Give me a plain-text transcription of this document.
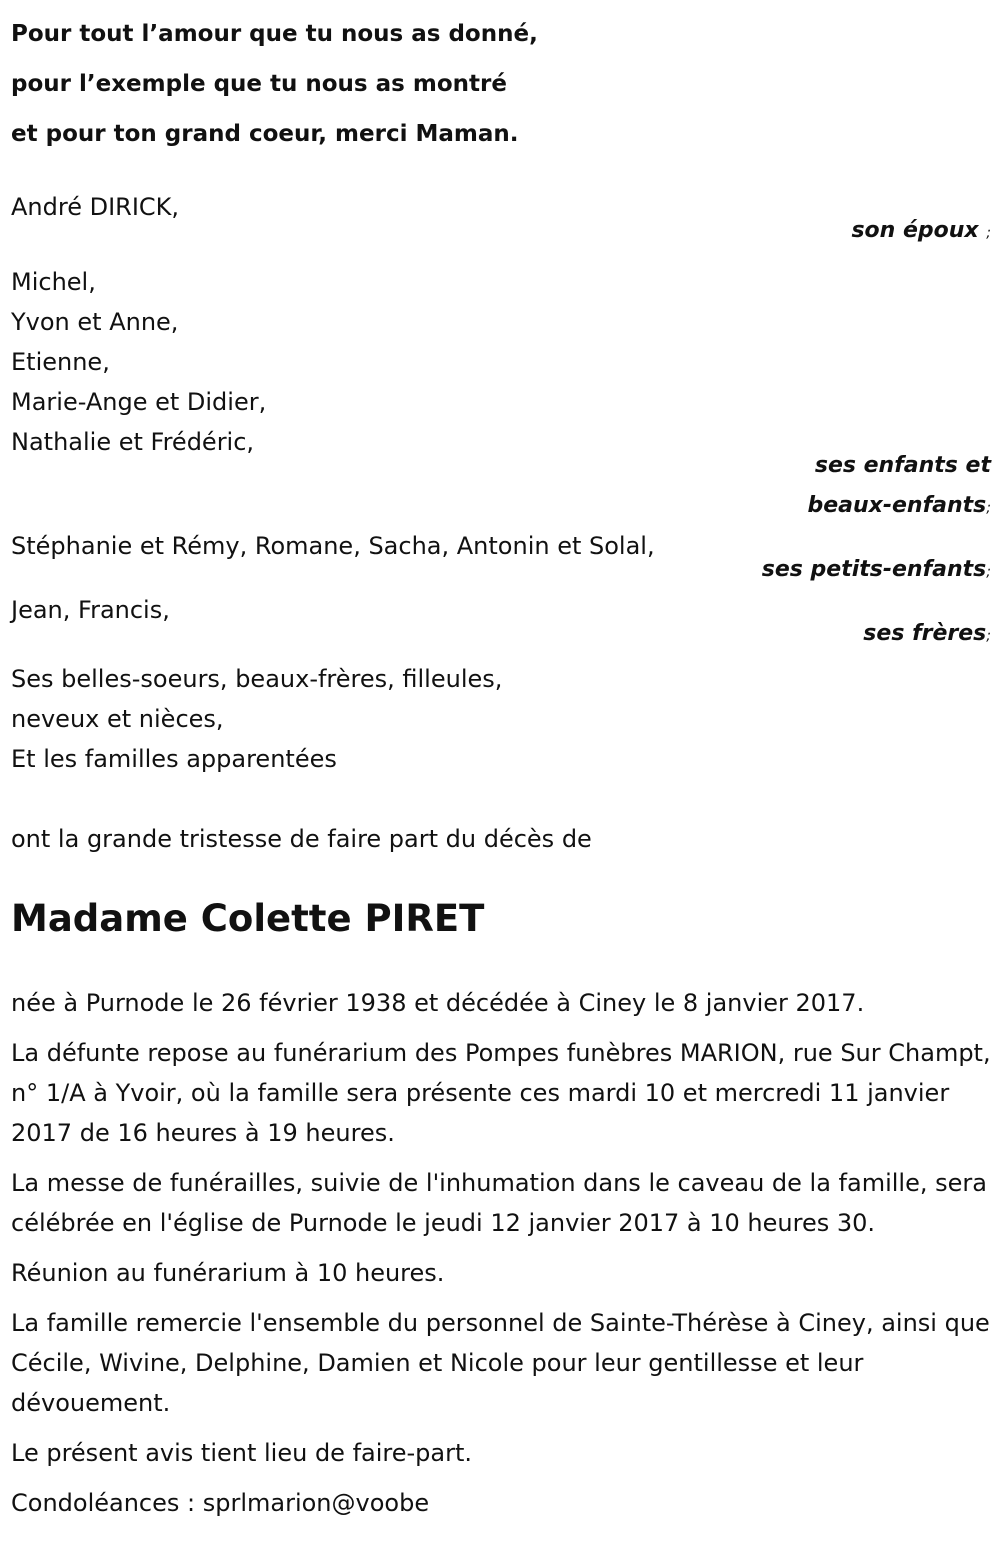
Pour tout l’amour que tu nous as donné,
pour l’exemple que tu nous as montré
et pour ton grand coeur, merci Maman.
André DIRICK,
son époux ;
Michel,
Yvon et Anne,
Etienne,
Marie-Ange et Didier,
Nathalie et Frédéric,
ses enfants et
beaux-enfants;
Stéphanie et Rémy, Romane, Sacha, Antonin et Solal,
ses petits-enfants;
Jean, Francis,
ses frères;
Ses belles-soeurs, beaux-frères, filleules,
neveux et nièces,
Et les familles apparentées
ont la grande tristesse de faire part du décès de
Madame Colette PIRET
née à Purnode le 26 février 1938 et décédée à Ciney le 8 janvier 2017.
La défunte repose au funérarium des Pompes funèbres MARION, rue Sur Champt, n° 1/A à Yvoir, où la famille sera présente ces mardi 10 et mercredi 11 janvier 2017 de 16 heures à 19 heures.
La messe de funérailles, suivie de l'inhumation dans le caveau de la famille, sera célébrée en l'église de Purnode le jeudi 12 janvier 2017 à 10 heures 30.
Réunion au funérarium à 10 heures.
La famille remercie l'ensemble du personnel de Sainte-Thérèse à Ciney, ainsi que Cécile, Wivine, Delphine, Damien et Nicole pour leur gentillesse et leur dévouement.
Le présent avis tient lieu de faire-part.
Condoléances : sprlmarion@voobe
